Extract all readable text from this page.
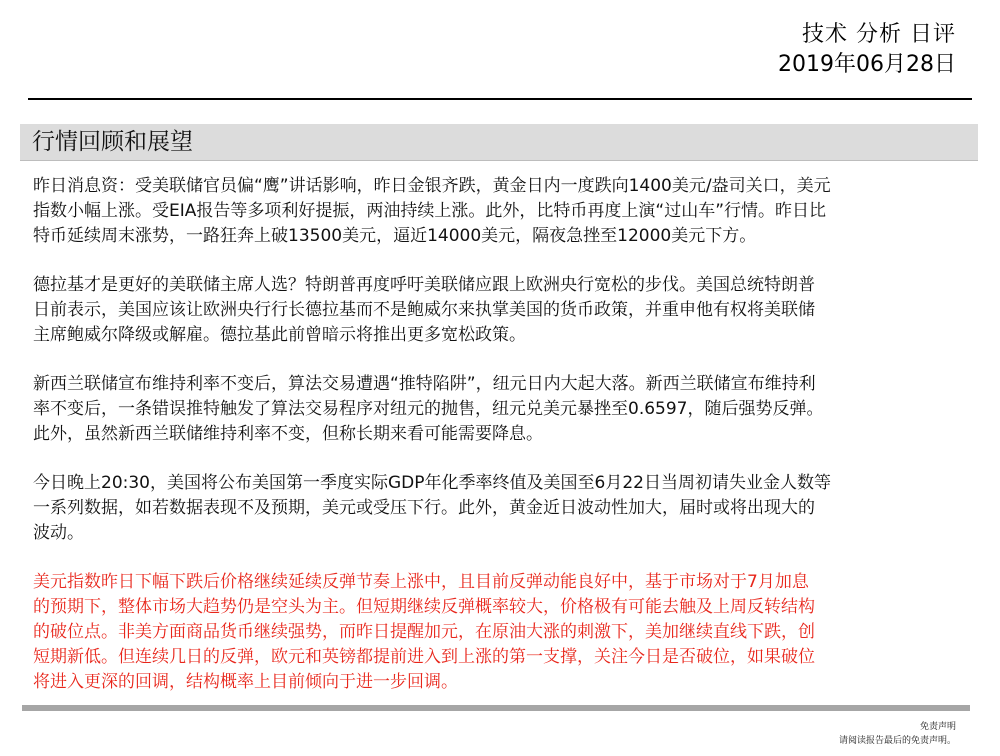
技术 分析 日评
2019年06月28日
行情回顾和展望

昨日消息资：受美联储官员偏“鹰”讲话影响，昨日金银齐跌，黄金日内一度跌向1400美元/盎司关口，美元
指数小幅上涨。受EIA报告等多项利好提振，两油持续上涨。此外，比特币再度上演“过山车”行情。昨日比
特币延续周末涨势，一路狂奔上破13500美元，逼近14000美元，隔夜急挫至12000美元下方。

德拉基才是更好的美联储主席人选？特朗普再度呼吁美联储应跟上欧洲央行宽松的步伐。美国总统特朗普
日前表示，美国应该让欧洲央行行长德拉基而不是鲍威尔来执掌美国的货币政策，并重申他有权将美联储
主席鲍威尔降级或解雇。德拉基此前曾暗示将推出更多宽松政策。

新西兰联储宣布维持利率不变后，算法交易遭遇“推特陷阱”，纽元日内大起大落。新西兰联储宣布维持利
率不变后，一条错误推特触发了算法交易程序对纽元的抛售，纽元兑美元暴挫至0.6597，随后强势反弹。
此外，虽然新西兰联储维持利率不变，但称长期来看可能需要降息。

今日晚上20:30，美国将公布美国第一季度实际GDP年化季率终值及美国至6月22日当周初请失业金人数等
一系列数据，如若数据表现不及预期，美元或受压下行。此外，黄金近日波动性加大，届时或将出现大的
波动。

美元指数昨日下幅下跌后价格继续延续反弹节奏上涨中，且目前反弹动能良好中，基于市场对于7月加息
的预期下，整体市场大趋势仍是空头为主。但短期继续反弹概率较大，价格极有可能去触及上周反转结构
的破位点。非美方面商品货币继续强势，而昨日提醒加元，在原油大涨的刺激下，美加继续直线下跌，创
短期新低。但连续几日的反弹，欧元和英镑都提前进入到上涨的第一支撑，关注今日是否破位，如果破位
将进入更深的回调，结构概率上目前倾向于进一步回调。

免责声明
请阅读报告最后的免责声明。
